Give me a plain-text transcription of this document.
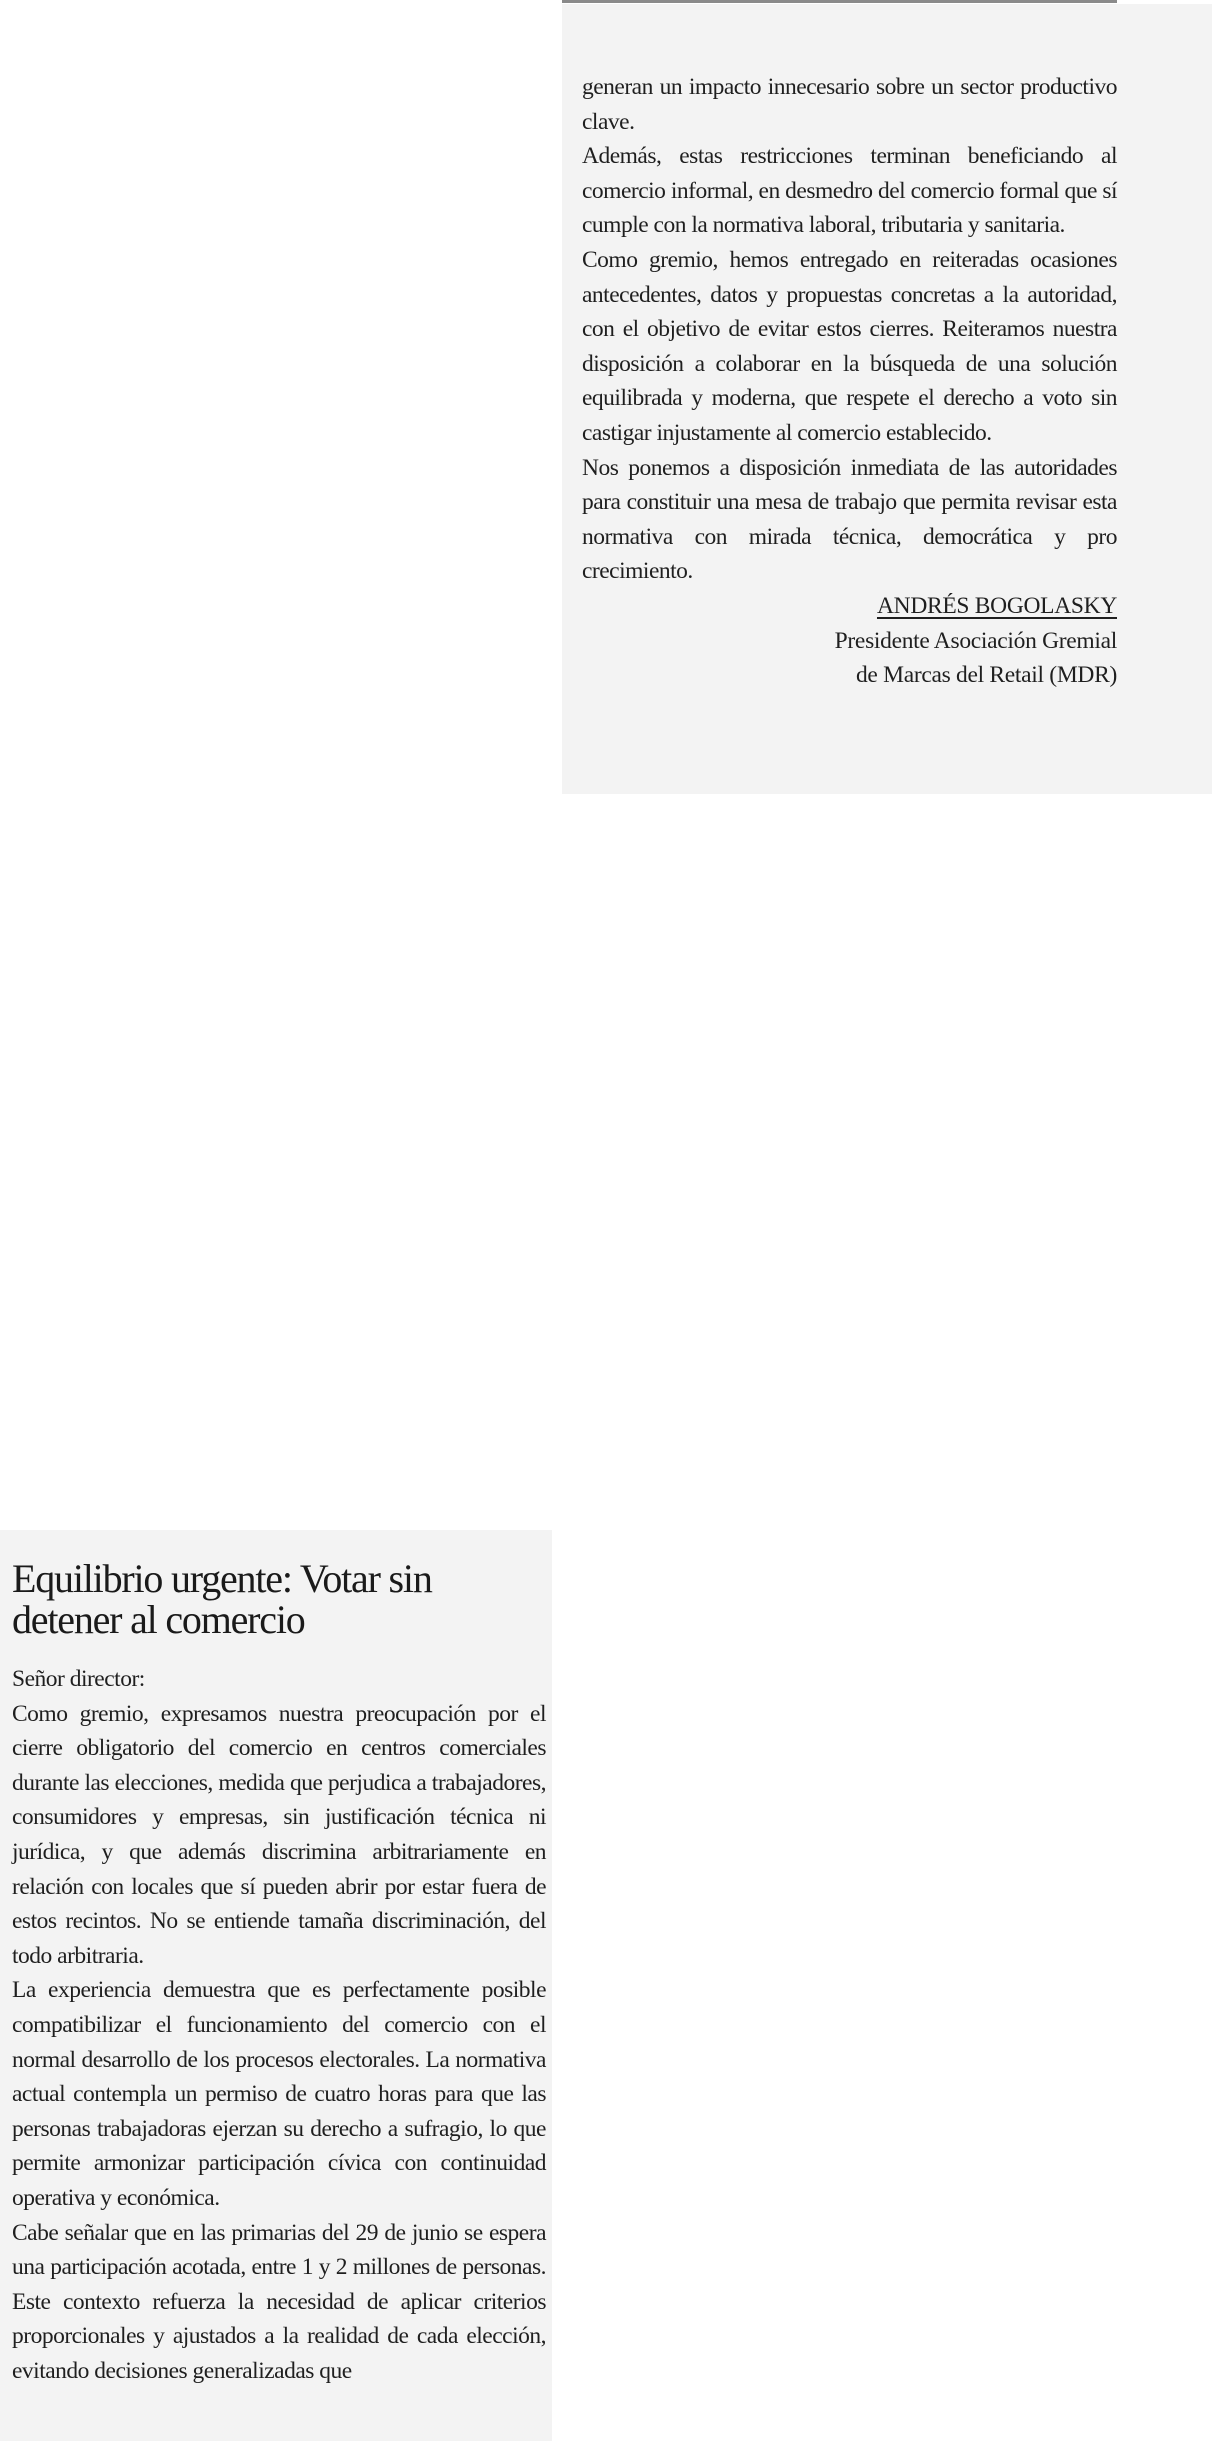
generan un impacto innecesario sobre un sector productivo clave.

Además, estas restricciones terminan beneficiando al comercio informal, en desmedro del comercio formal que sí cumple con la normativa laboral, tributaria y sanitaria.

Como gremio, hemos entregado en reiteradas ocasiones antecedentes, datos y propuestas concretas a la autoridad, con el objetivo de evitar estos cierres. Reiteramos nuestra disposición a colaborar en la búsqueda de una solución equilibrada y moderna, que respete el derecho a voto sin castigar injustamente al comercio establecido.

Nos ponemos a disposición inmediata de las autoridades para constituir una mesa de trabajo que permita revisar esta normativa con mirada técnica, democrática y pro crecimiento.

ANDRÉS BOGOLASKY
Presidente Asociación Gremial
de Marcas del Retail (MDR)
Equilibrio urgente: Votar sin detener al comercio

Señor director:

Como gremio, expresamos nuestra preocupación por el cierre obligatorio del comercio en centros comerciales durante las elecciones, medida que perjudica a trabajadores, consumidores y empresas, sin justificación técnica ni jurídica, y que además discrimina arbitrariamente en relación con locales que sí pueden abrir por estar fuera de estos recintos. No se entiende tamaña discriminación, del todo arbitraria.

La experiencia demuestra que es perfectamente posible compatibilizar el funcionamiento del comercio con el normal desarrollo de los procesos electorales. La normativa actual contempla un permiso de cuatro horas para que las personas trabajadoras ejerzan su derecho a sufragio, lo que permite armonizar participación cívica con continuidad operativa y económica.

Cabe señalar que en las primarias del 29 de junio se espera una participación acotada, entre 1 y 2 millones de personas. Este contexto refuerza la necesidad de aplicar criterios proporcionales y ajustados a la realidad de cada elección, evitando decisiones generalizadas que
